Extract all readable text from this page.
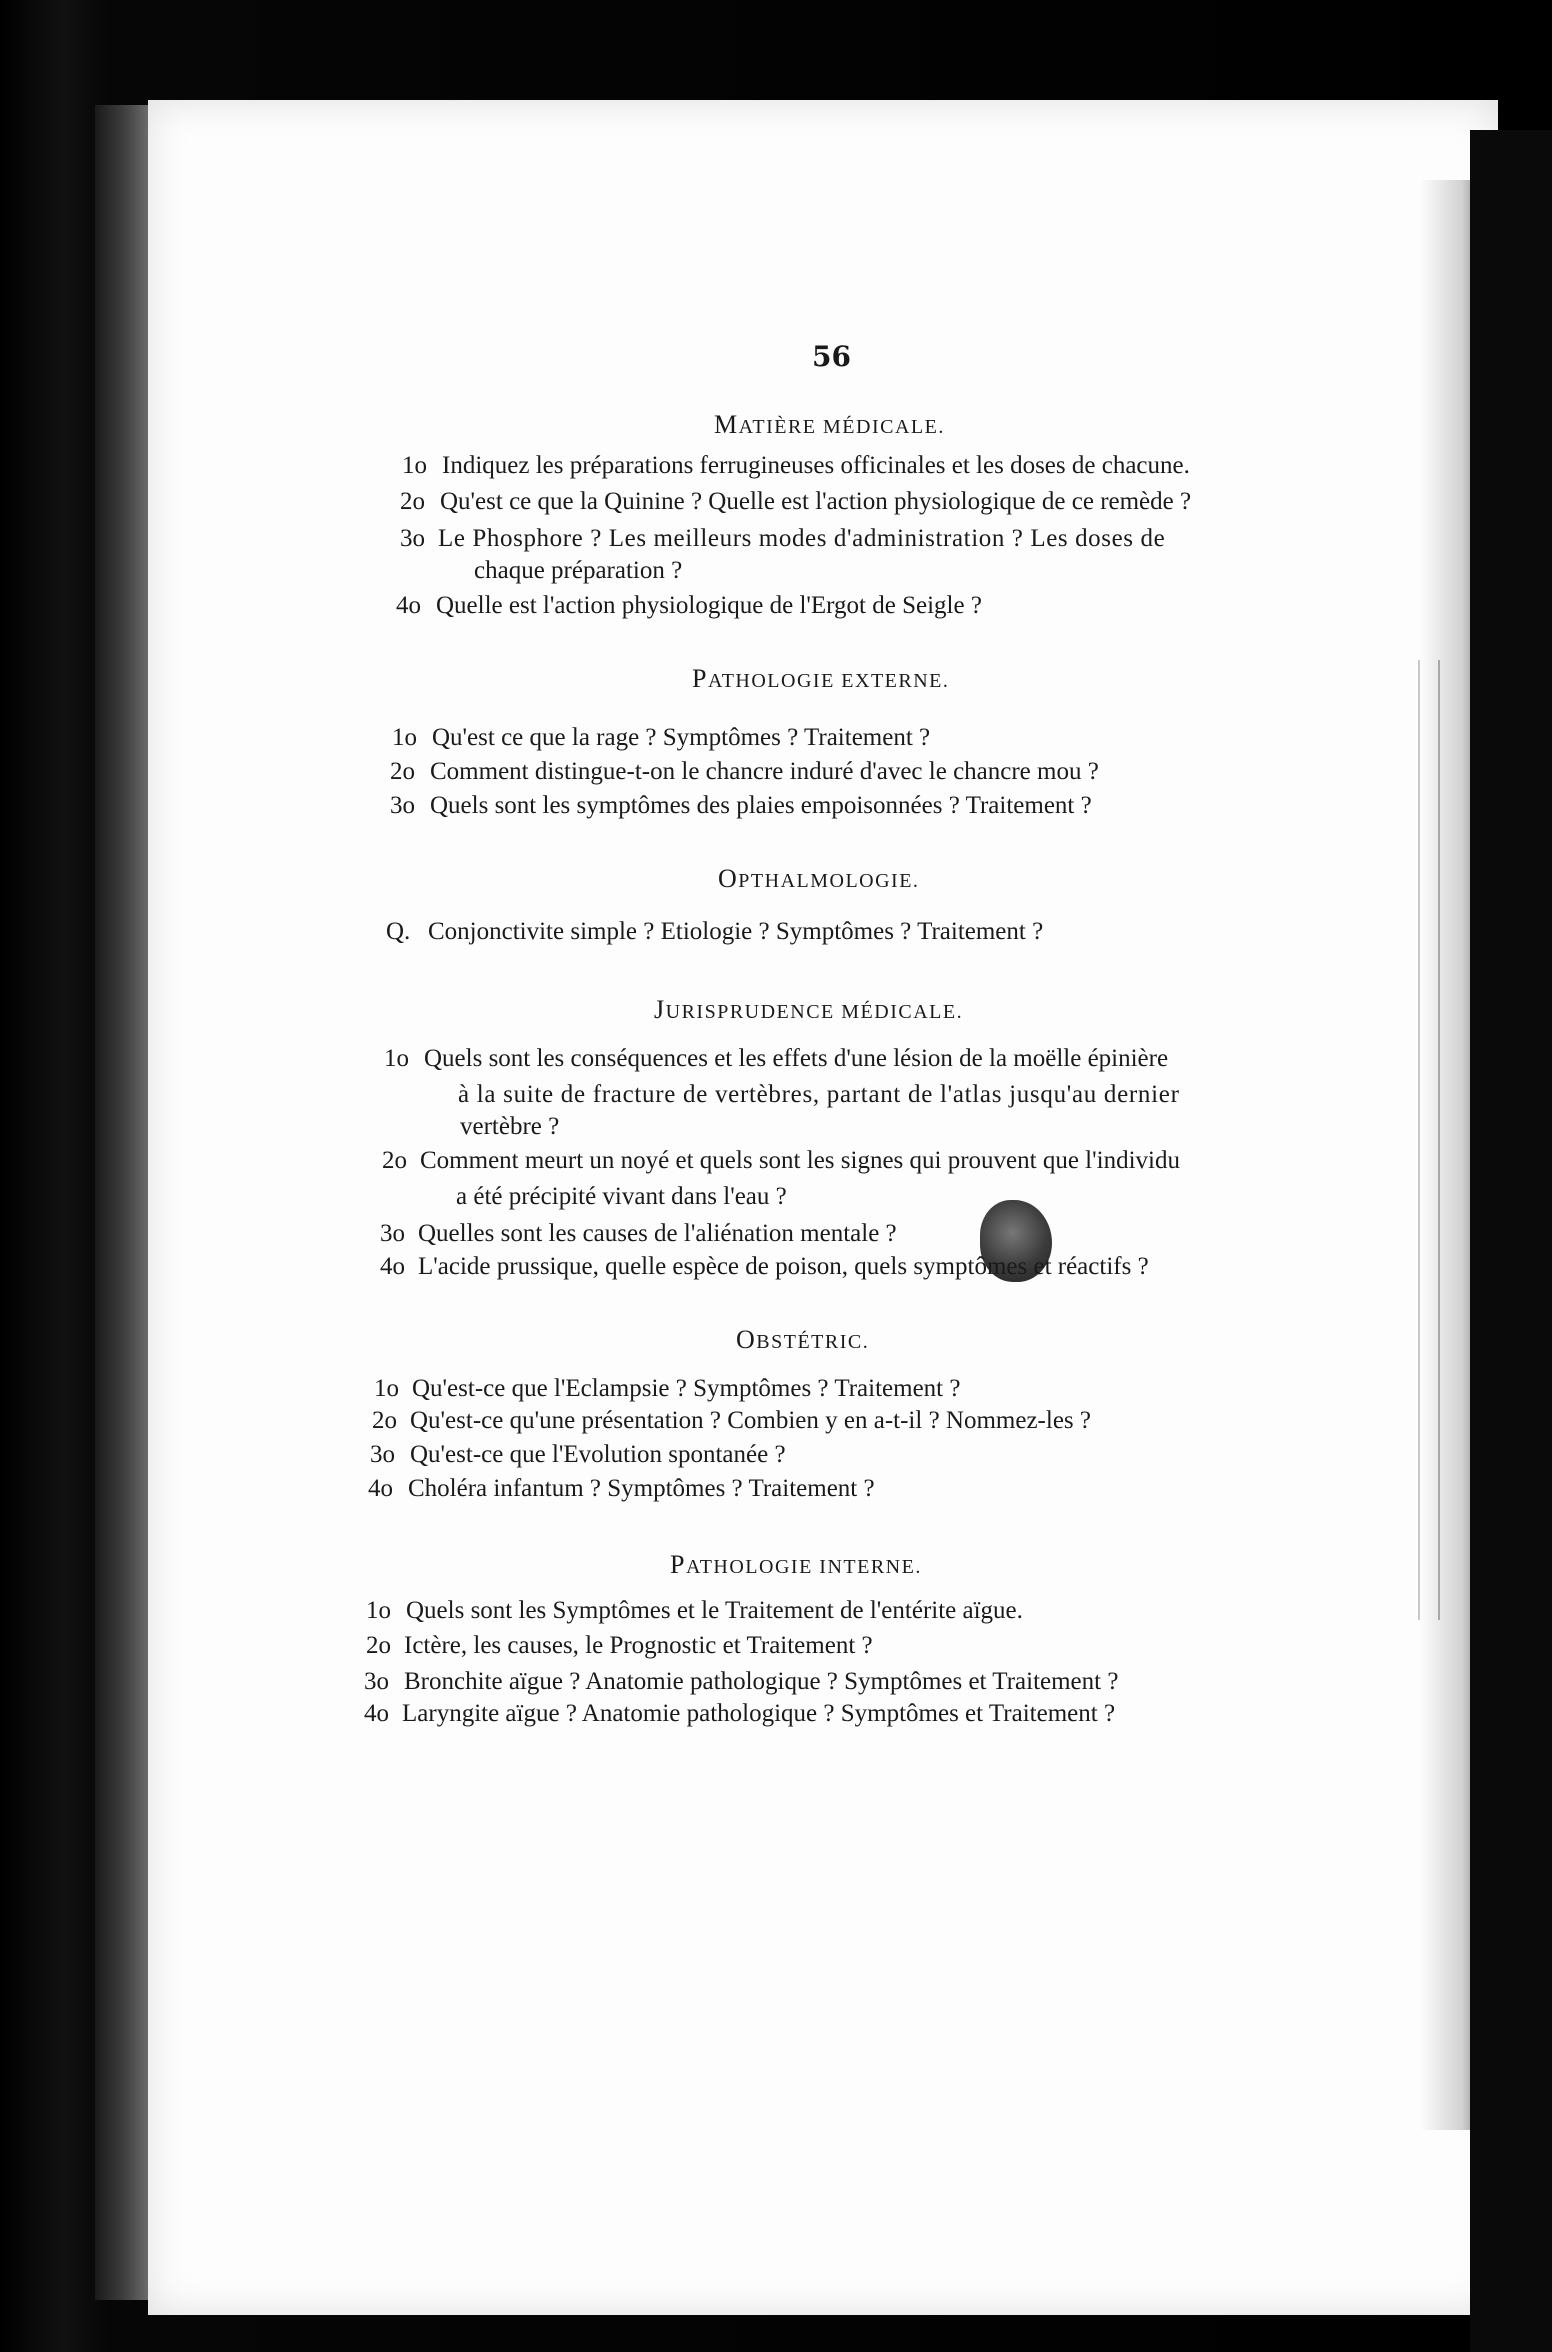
56
MATIÈRE MÉDICALE.
1o Indiquez les préparations ferrugineuses officinales et les doses de chacune.
2o Qu'est ce que la Quinine ? Quelle est l'action physiologique de ce remède ?
3o Le Phosphore ? Les meilleurs modes d'administration ? Les doses de
chaque préparation ?
4o Quelle est l'action physiologique de l'Ergot de Seigle ?
PATHOLOGIE EXTERNE.
1o Qu'est ce que la rage ? Symptômes ? Traitement ?
2o Comment distingue-t-on le chancre induré d'avec le chancre mou ?
3o Quels sont les symptômes des plaies empoisonnées ? Traitement ?
OPTHALMOLOGIE.
Q. Conjonctivite simple ? Etiologie ? Symptômes ? Traitement ?
JURISPRUDENCE MÉDICALE.
1o Quels sont les conséquences et les effets d'une lésion de la moëlle épinière
à la suite de fracture de vertèbres, partant de l'atlas jusqu'au dernier
vertèbre ?
2o Comment meurt un noyé et quels sont les signes qui prouvent que l'individu
a été précipité vivant dans l'eau ?
3o Quelles sont les causes de l'aliénation mentale ?
4o L'acide prussique, quelle espèce de poison, quels symptômes et réactifs ?
OBSTÉTRIC.
1o Qu'est-ce que l'Eclampsie ? Symptômes ? Traitement ?
2o Qu'est-ce qu'une présentation ? Combien y en a-t-il ? Nommez-les ?
3o Qu'est-ce que l'Evolution spontanée ?
4o Choléra infantum ? Symptômes ? Traitement ?
PATHOLOGIE INTERNE.
1o Quels sont les Symptômes et le Traitement de l'entérite aïgue.
2o Ictère, les causes, le Prognostic et Traitement ?
3o Bronchite aïgue ? Anatomie pathologique ? Symptômes et Traitement ?
4o Laryngite aïgue ? Anatomie pathologique ? Symptômes et Traitement ?
